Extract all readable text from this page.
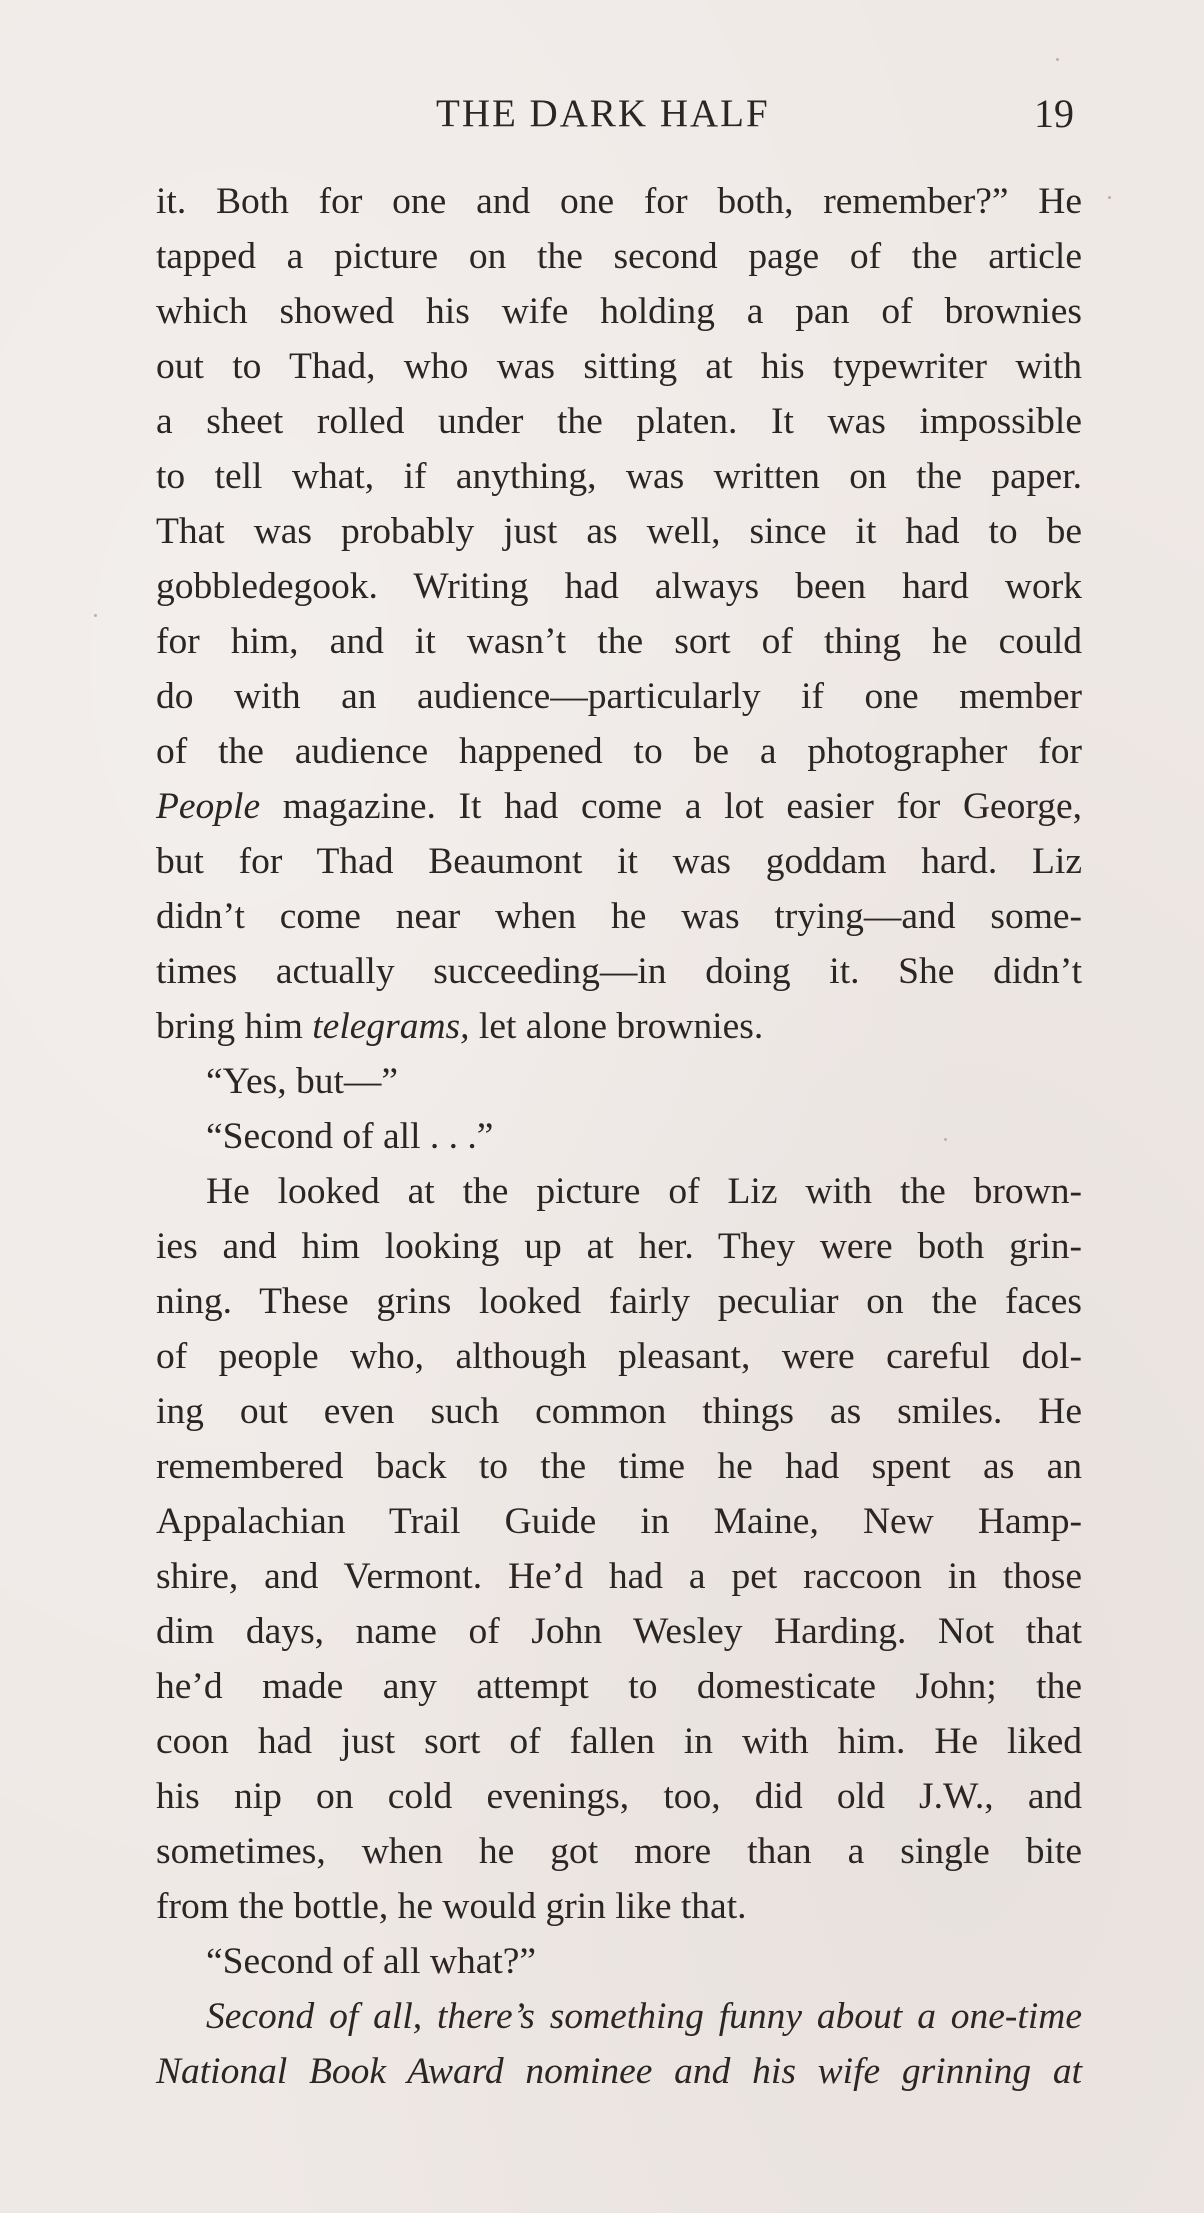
THE DARK HALF	19
it. Both for one and one for both, remember?” He
tapped a picture on the second page of the article
which showed his wife holding a pan of brownies
out to Thad, who was sitting at his typewriter with
a sheet rolled under the platen. It was impossible
to tell what, if anything, was written on the paper.
That was probably just as well, since it had to be
gobbledegook. Writing had always been hard work
for him, and it wasn’t the sort of thing he could
do with an audience—particularly if one member
of the audience happened to be a photographer for
People magazine. It had come a lot easier for George,
but for Thad Beaumont it was goddam hard. Liz
didn’t come near when he was trying—and some-
times actually succeeding—in doing it. She didn’t
bring him telegrams, let alone brownies.
“Yes, but—”
“Second of all . . .”
He looked at the picture of Liz with the brown-
ies and him looking up at her. They were both grin-
ning. These grins looked fairly peculiar on the faces
of people who, although pleasant, were careful dol-
ing out even such common things as smiles. He
remembered back to the time he had spent as an
Appalachian Trail Guide in Maine, New Hamp-
shire, and Vermont. He’d had a pet raccoon in those
dim days, name of John Wesley Harding. Not that
he’d made any attempt to domesticate John; the
coon had just sort of fallen in with him. He liked
his nip on cold evenings, too, did old J.W., and
sometimes, when he got more than a single bite
from the bottle, he would grin like that.
“Second of all what?”
Second of all, there’s something funny about a one-time
National Book Award nominee and his wife grinning at
